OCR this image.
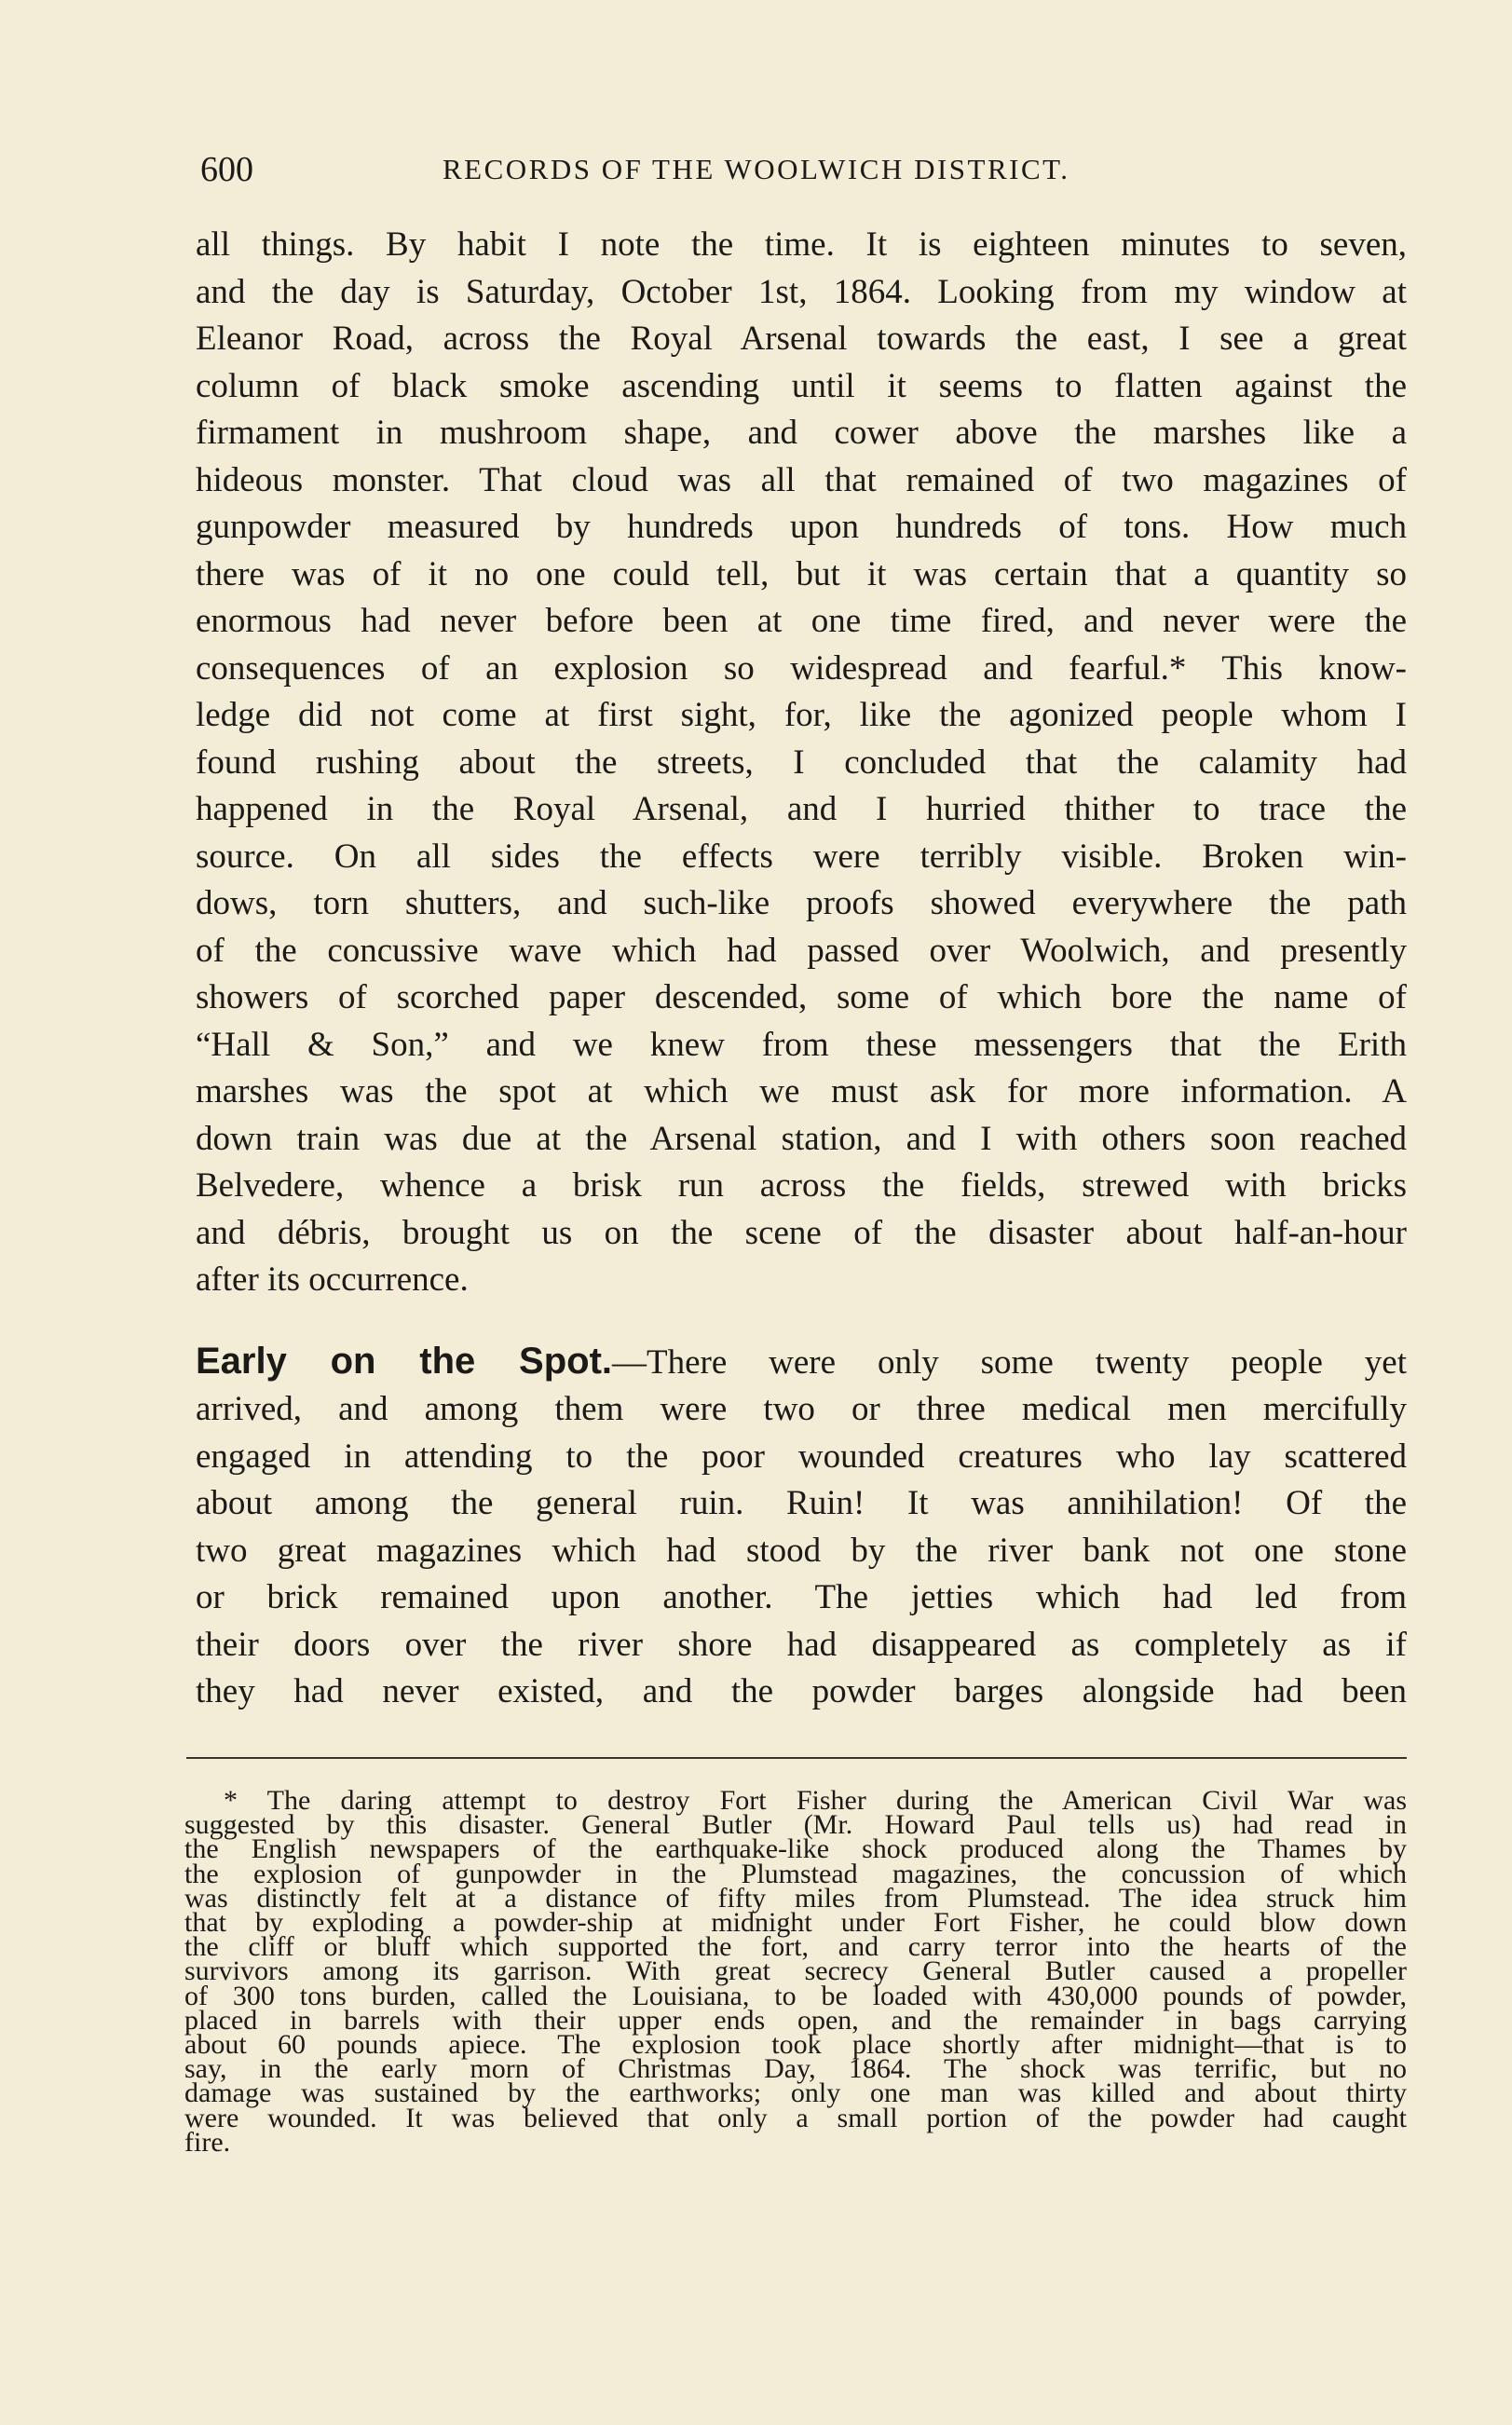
600	RECORDS OF THE WOOLWICH DISTRICT.
all things. By habit I note the time. It is eighteen minutes to seven,
and the day is Saturday, October 1st, 1864. Looking from my window at
Eleanor Road, across the Royal Arsenal towards the east, I see a great
column of black smoke ascending until it seems to flatten against the
firmament in mushroom shape, and cower above the marshes like a
hideous monster. That cloud was all that remained of two magazines of
gunpowder measured by hundreds upon hundreds of tons. How much
there was of it no one could tell, but it was certain that a quantity so
enormous had never before been at one time fired, and never were the
consequences of an explosion so widespread and fearful.* This know-
ledge did not come at first sight, for, like the agonized people whom I
found rushing about the streets, I concluded that the calamity had
happened in the Royal Arsenal, and I hurried thither to trace the
source. On all sides the effects were terribly visible. Broken win-
dows, torn shutters, and such-like proofs showed everywhere the path
of the concussive wave which had passed over Woolwich, and presently
showers of scorched paper descended, some of which bore the name of
“Hall & Son,” and we knew from these messengers that the Erith
marshes was the spot at which we must ask for more information. A
down train was due at the Arsenal station, and I with others soon reached
Belvedere, whence a brisk run across the fields, strewed with bricks
and débris, brought us on the scene of the disaster about half-an-hour
after its occurrence.
Early on the Spot.—There were only some twenty people yet
arrived, and among them were two or three medical men mercifully
engaged in attending to the poor wounded creatures who lay scattered
about among the general ruin. Ruin! It was annihilation! Of the
two great magazines which had stood by the river bank not one stone
or brick remained upon another. The jetties which had led from
their doors over the river shore had disappeared as completely as if
they had never existed, and the powder barges alongside had been
* The daring attempt to destroy Fort Fisher during the American Civil War was
suggested by this disaster. General Butler (Mr. Howard Paul tells us) had read in
the English newspapers of the earthquake-like shock produced along the Thames by
the explosion of gunpowder in the Plumstead magazines, the concussion of which
was distinctly felt at a distance of fifty miles from Plumstead. The idea struck him
that by exploding a powder-ship at midnight under Fort Fisher, he could blow down
the cliff or bluff which supported the fort, and carry terror into the hearts of the
survivors among its garrison. With great secrecy General Butler caused a propeller
of 300 tons burden, called the Louisiana, to be loaded with 430,000 pounds of powder,
placed in barrels with their upper ends open, and the remainder in bags carrying
about 60 pounds apiece. The explosion took place shortly after midnight—that is to
say, in the early morn of Christmas Day, 1864. The shock was terrific, but no
damage was sustained by the earthworks; only one man was killed and about thirty
were wounded. It was believed that only a small portion of the powder had caught
fire.
